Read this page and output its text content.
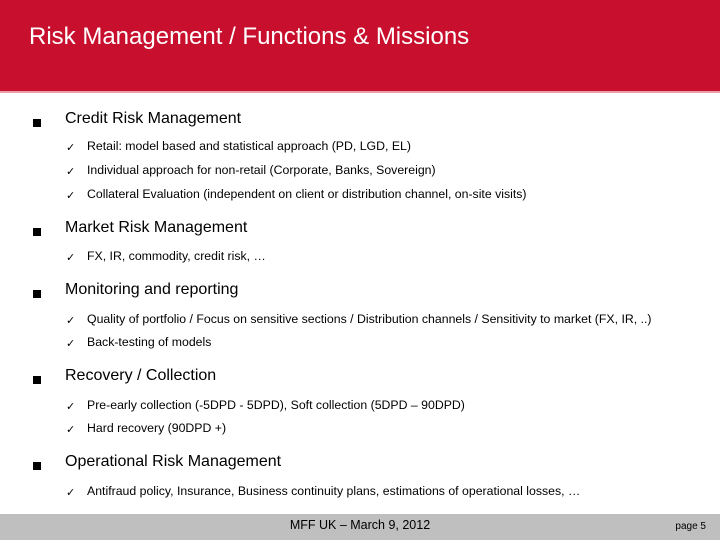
Risk Management / Functions & Missions
Credit Risk Management
✓ Retail: model based and statistical approach (PD, LGD, EL)
✓ Individual approach for non-retail (Corporate, Banks, Sovereign)
✓ Collateral Evaluation (independent on client or distribution channel, on-site visits)
Market Risk Management
✓ FX, IR, commodity, credit risk, …
Monitoring and reporting
✓ Quality of portfolio / Focus on sensitive sections / Distribution channels / Sensitivity to market (FX, IR, ..)
✓ Back-testing of models
Recovery / Collection
✓ Pre-early collection (-5DPD - 5DPD), Soft collection (5DPD – 90DPD)
✓ Hard recovery (90DPD +)
Operational Risk Management
✓ Antifraud policy, Insurance, Business continuity plans, estimations of operational losses, …
MFF UK – March 9, 2012	page 5
